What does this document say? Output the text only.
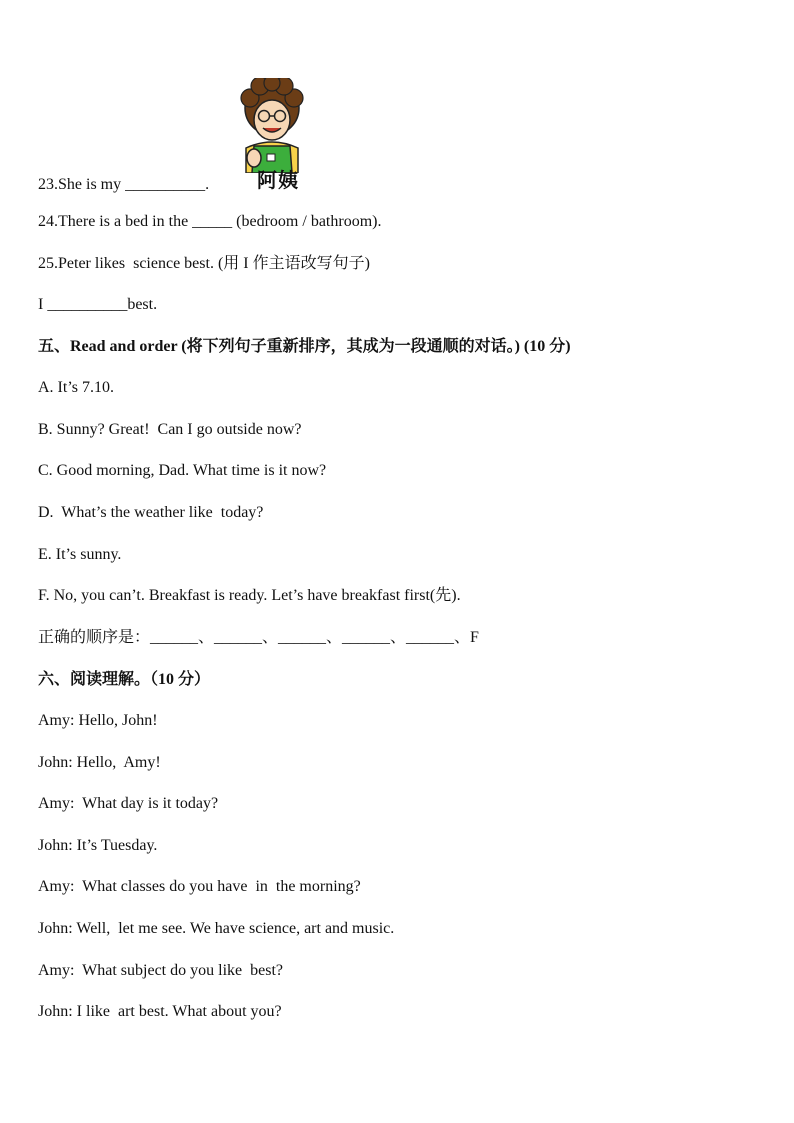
阿姨
23.She is my __________.
24.There is a bed in the _____ (bedroom / bathroom).
25.Peter likes  science best. (用 I 作主语改写句子)
I __________best.
五、Read and order (将下列句子重新排序，其成为一段通顺的对话。) (10 分)
A. It’s 7.10.
B. Sunny? Great!  Can I go outside now?
C. Good morning, Dad. What time is it now?
D.  What’s the weather like  today?
E. It’s sunny.
F. No, you can’t. Breakfast is ready. Let’s have breakfast first(先).
正确的顺序是：______、______、______、______、______、F
六、阅读理解。（10 分）
Amy: Hello, John!
John: Hello,  Amy!
Amy:  What day is it today?
John: It’s Tuesday.
Amy:  What classes do you have  in  the morning?
John: Well,  let me see. We have science, art and music.
Amy:  What subject do you like  best?
John: I like  art best. What about you?
